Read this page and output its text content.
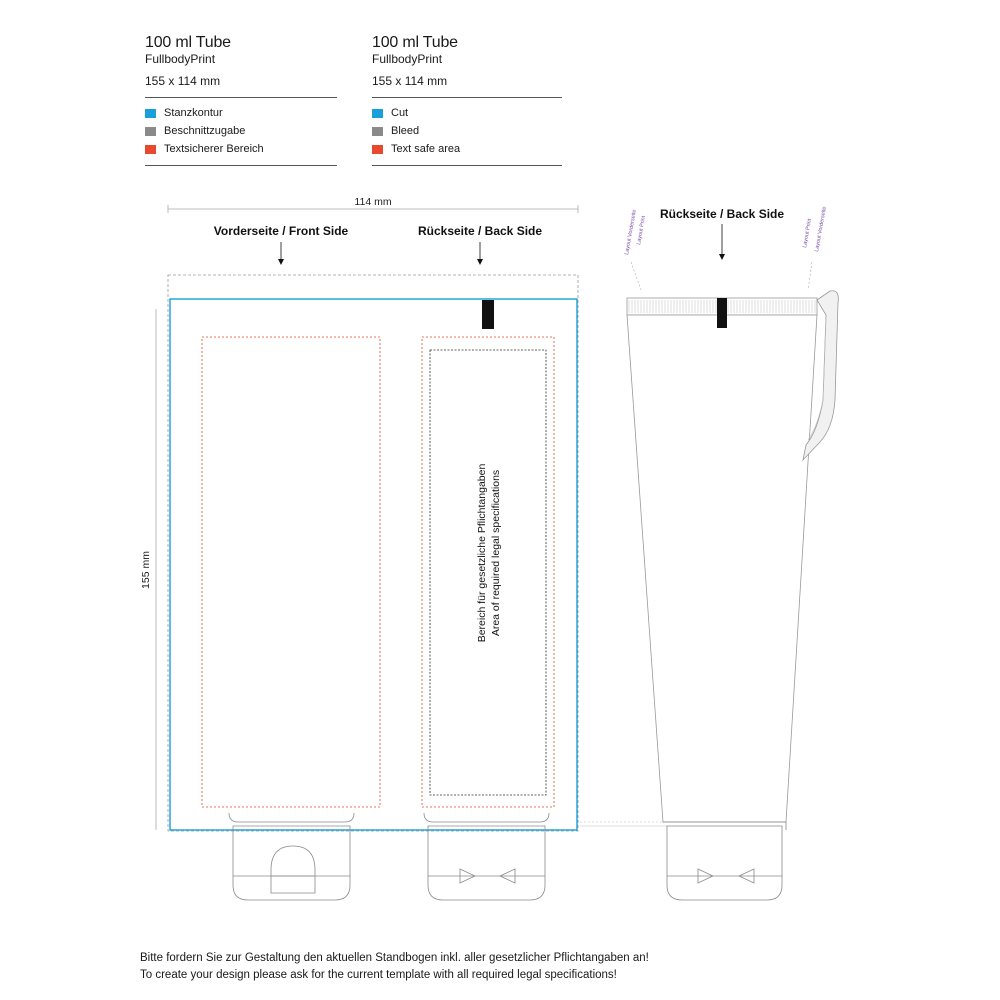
100 ml Tube
FullbodyPrint
155 x 114 mm
Stanzkontur
Beschnittzugabe
Textsicherer Bereich
100 ml Tube
FullbodyPrint
155 x 114 mm
Cut
Bleed
Text safe area
114 mm
155 mm
Vorderseite / Front Side	Rückseite / Back Side
Bereich für gesetzliche Pflichtangaben Area of required legal specifications
Rückseite / Back Side
Layout Vorderseite
Layout Print	Layout Print Layout Vorderseite
Bitte fordern Sie zur Gestaltung den aktuellen Standbogen inkl. aller gesetzlicher Pflichtangaben an!
To create your design please ask for the current template with all required legal specifications!
